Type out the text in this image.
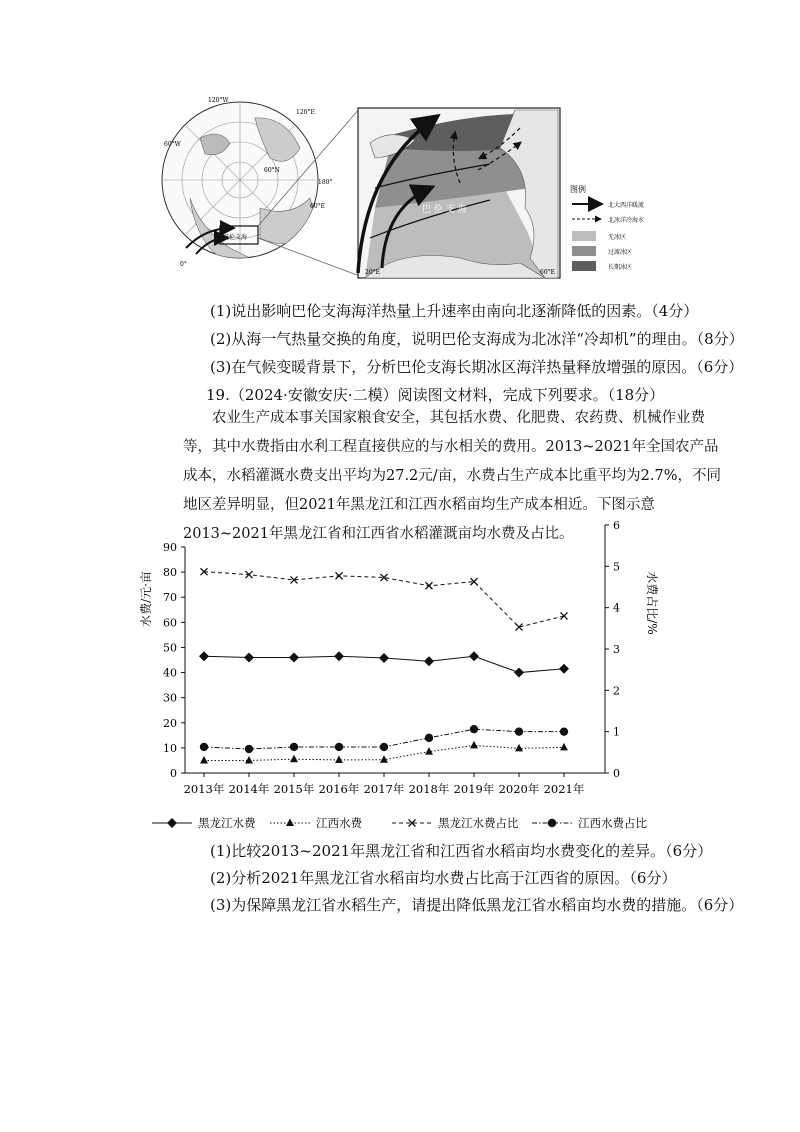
巴伦支海
120°W
60°W
120°E
60°E
0°
180°
60°N
巴 伦 支 海
20°E	60°E
图例
北大西洋暖流
北冰洋冷海水
无冰区
过渡冰区
长期冰区
(1)说出影响巴伦支海海洋热量上升速率由南向北逐渐降低的因素。（4分）
(2)从海一气热量交换的角度，说明巴伦支海成为北冰洋“冷却机”的理由。（8分）
(3)在气候变暖背景下，分析巴伦支海长期冰区海洋热量释放增强的原因。（6分）
19.（2024·安徽安庆·二模）阅读图文材料，完成下列要求。（18分）
农业生产成本事关国家粮食安全，其包括水费、化肥费、农药费、机械作业费等，其中水费指由水利工程直接供应的与水相关的费用。2013~2021年全国农产品成本，水稻灌溉水费支出平均为27.2元/亩，水费占生产成本比重平均为2.7%，不同地区差异明显，但2021年黑龙江和江西水稻亩均生产成本相近。下图示意2013~2021年黑龙江省和江西省水稻灌溉亩均水费及占比。
0
10
20
30
40
50
60
70
80
90
0
1
2
3
4
5
6
2013年 2014年 2015年 2016年 2017年 2018年 2019年 2020年 2021年
水费/元·亩	水费占比/%
黑龙江水费	江西水费	黑龙江水费占比	江西水费占比
(1)比较2013~2021年黑龙江省和江西省水稻亩均水费变化的差异。（6分）
(2)分析2021年黑龙江省水稻亩均水费占比高于江西省的原因。（6分）
(3)为保障黑龙江省水稻生产，请提出降低黑龙江省水稻亩均水费的措施。（6分）
